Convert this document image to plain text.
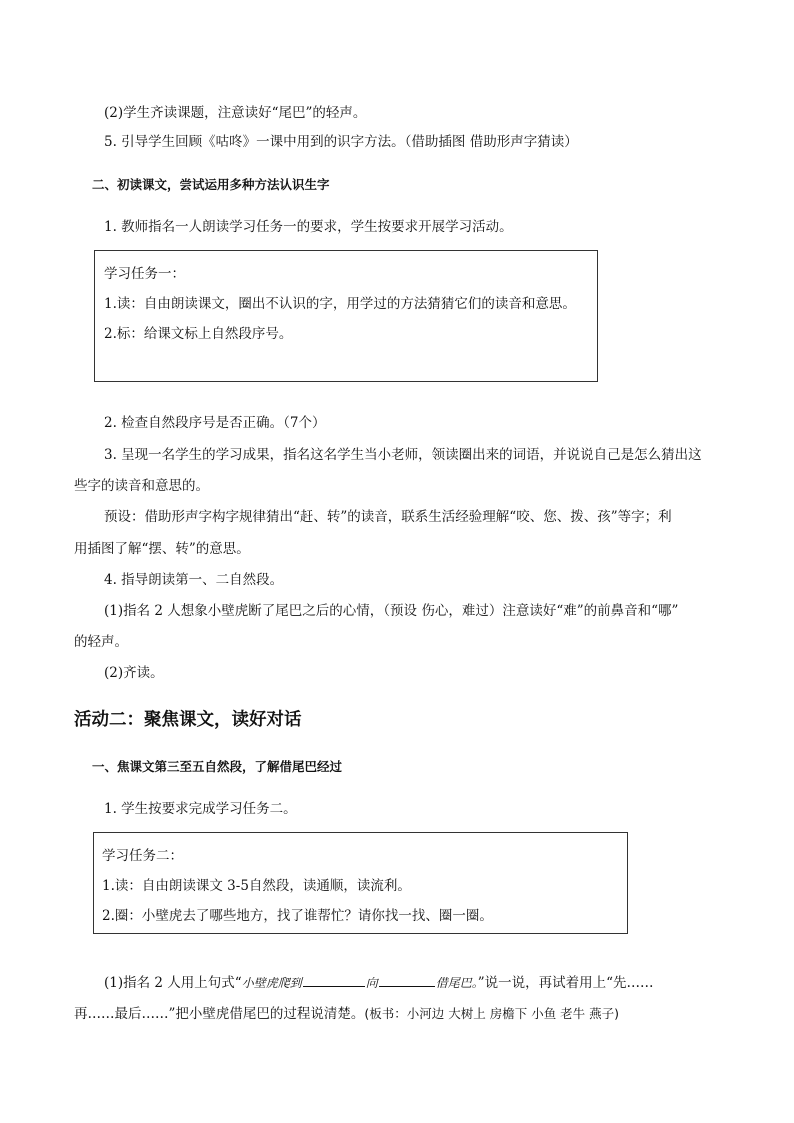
(2)学生齐读课题，注意读好“尾巴”的轻声。
5. 引导学生回顾《咕咚》一课中用到的识字方法。（借助插图 借助形声字猜读）
二、初读课文，尝试运用多种方法认识生字
1. 教师指名一人朗读学习任务一的要求，学生按要求开展学习活动。
学习任务一：
1.读：自由朗读课文，圈出不认识的字，用学过的方法猜猜它们的读音和意思。
2.标：给课文标上自然段序号。
2. 检查自然段序号是否正确。（7个）
3. 呈现一名学生的学习成果，指名这名学生当小老师，领读圈出来的词语，并说说自己是怎么猜出这
些字的读音和意思的。
预设：借助形声字构字规律猜出“赶、转”的读音，联系生活经验理解“咬、您、拨、孩”等字；利
用插图了解“摆、转”的意思。
4. 指导朗读第一、二自然段。
(1)指名 2 人想象小壁虎断了尾巴之后的心情，（预设 伤心，难过）注意读好“难”的前鼻音和“哪”
的轻声。
(2)齐读。
活动二：聚焦课文，读好对话
一、焦课文第三至五自然段，了解借尾巴经过
1. 学生按要求完成学习任务二。
学习任务二：
1.读：自由朗读课文 3-5自然段，读通顺，读流利。
2.圈：小壁虎去了哪些地方，找了谁帮忙？请你找一找、圈一圈。
(1)指名 2 人用上句式“小壁虎爬到	向	借尾巴。”说一说，再试着用上“先……
再……最后……”把小壁虎借尾巴的过程说清楚。(板书：小河边 大树上 房檐下 小鱼 老牛 燕子)
